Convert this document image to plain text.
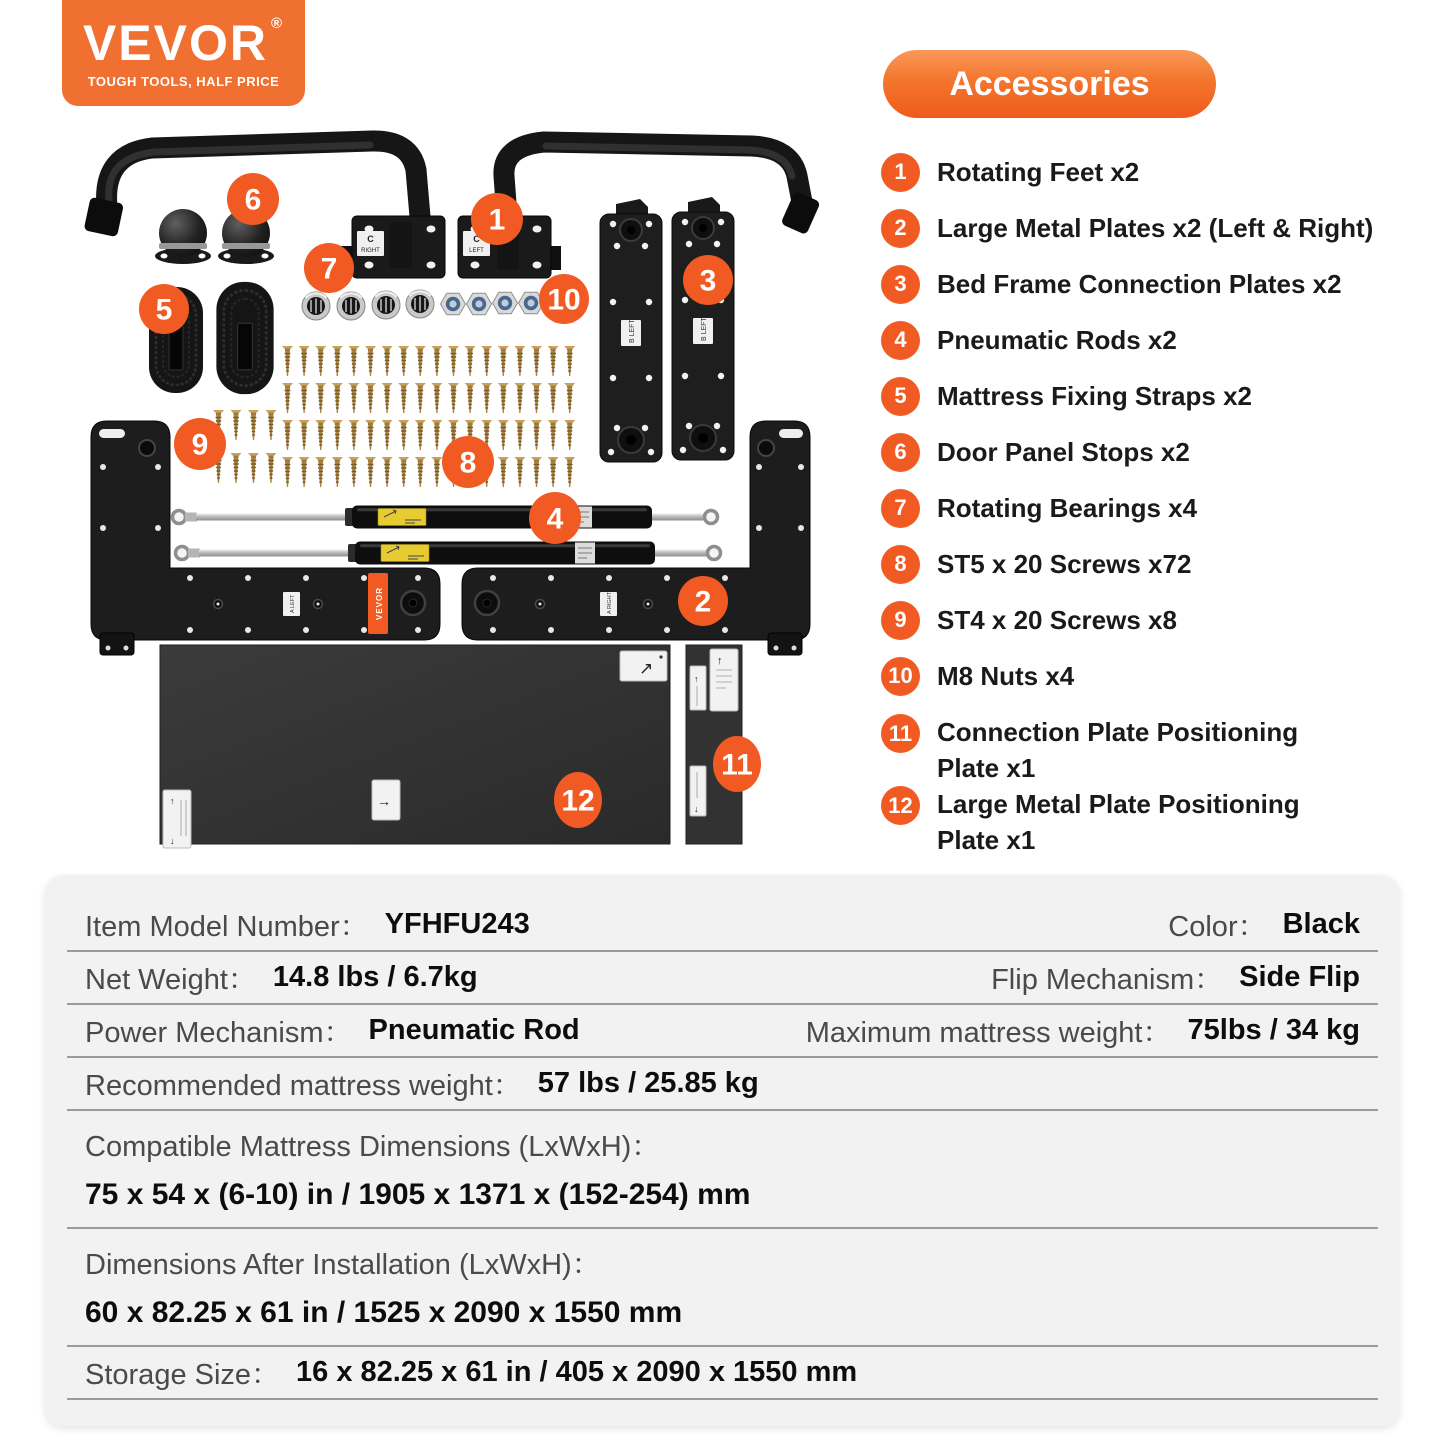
VEVOR ®
TOUGH TOOLS, HALF PRICE	Accessories
1	Rotating Feet x2
2	Large Metal Plates x2 (Left & Right)
3	Bed Frame Connection Plates x2
4	Pneumatic Rods x2
5	Mattress Fixing Straps x2
6	Door Panel Stops x2
7	Rotating Bearings x4
8	ST5 x 20 Screws x72
9	ST4 x 20 Screws x8
10 M8 Nuts x4
11 Connection Plate Positioning
Plate x1
12 Large Metal Plate Positioning
Plate x1
C
RIGHT
C
LEFT
B LEFT	B LEFT
VEVOR
A LEFT	A RIGHT
↗
→
↑
↓
↑
↑
↓
1
6
5
7
10
3
9
8
4
2
12
11
Item Model Number： YFHFU243	Color： Black
Net Weight： 14.8 lbs / 6.7kg	Flip Mechanism： Side Flip
Power Mechanism： Pneumatic Rod	Maximum mattress weight： 75lbs / 34 kg
Recommended mattress weight： 57 lbs / 25.85 kg
Compatible Mattress Dimensions (LxWxH)：
75 x 54 x (6-10) in / 1905 x 1371 x (152-254) mm
Dimensions After Installation (LxWxH)：
60 x 82.25 x 61 in / 1525 x 2090 x 1550 mm
Storage Size： 16 x 82.25 x 61 in / 405 x 2090 x 1550 mm
